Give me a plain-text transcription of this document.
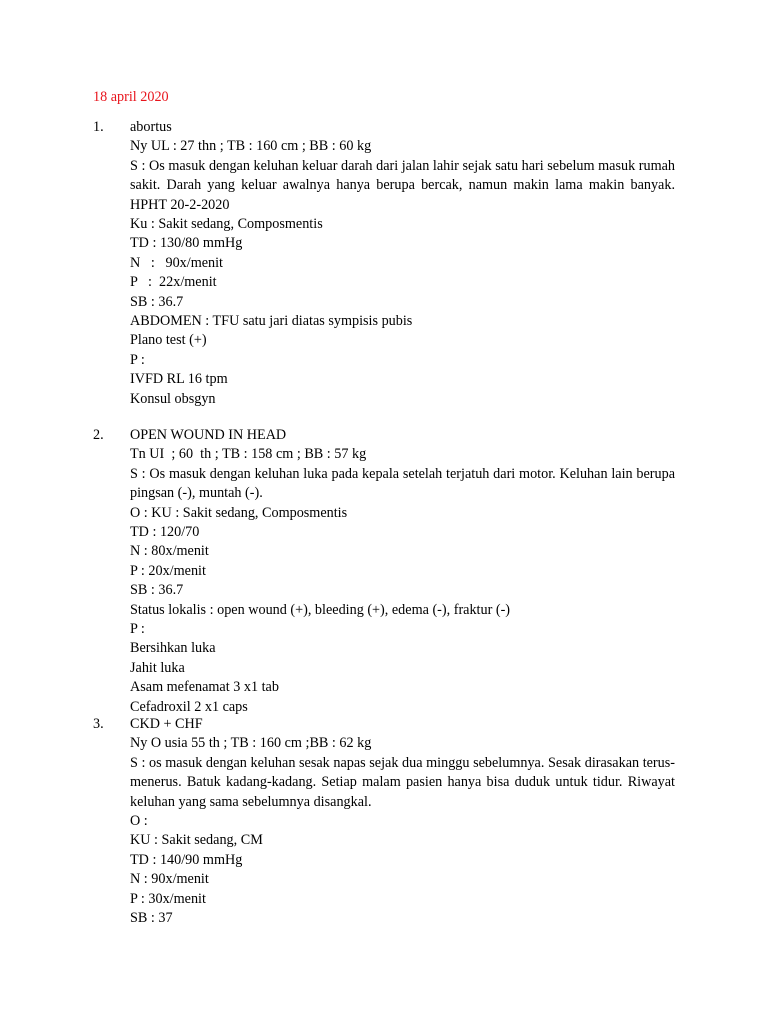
18 april 2020
1. abortus
Ny UL : 27 thn ; TB : 160 cm ; BB : 60 kg
S : Os masuk dengan keluhan keluar darah dari jalan lahir sejak satu hari sebelum masuk rumah sakit. Darah yang keluar awalnya hanya berupa bercak, namun makin lama makin banyak. HPHT 20-2-2020
Ku : Sakit sedang, Composmentis
TD : 130/80 mmHg
N   :   90x/menit
P   :  22x/menit
SB : 36.7
ABDOMEN : TFU satu jari diatas sympisis pubis
Plano test (+)
P :
IVFD RL 16 tpm
Konsul obsgyn
2. OPEN WOUND IN HEAD
Tn UI  ; 60  th ; TB : 158 cm ; BB : 57 kg
S : Os masuk dengan keluhan luka pada kepala setelah terjatuh dari motor. Keluhan lain berupa pingsan (-), muntah (-).
O : KU : Sakit sedang, Composmentis
TD : 120/70
N : 80x/menit
P : 20x/menit
SB : 36.7
Status lokalis : open wound (+), bleeding (+), edema (-), fraktur (-)
P :
Bersihkan luka
Jahit luka
Asam mefenamat 3 x1 tab
Cefadroxil 2 x1 caps
3. CKD + CHF
Ny O usia 55 th ; TB : 160 cm ;BB : 62 kg
S : os masuk dengan keluhan sesak napas sejak dua minggu sebelumnya. Sesak dirasakan terus-menerus. Batuk kadang-kadang. Setiap malam pasien hanya bisa duduk untuk tidur. Riwayat keluhan yang sama sebelumnya disangkal.
O :
KU : Sakit sedang, CM
TD : 140/90 mmHg
N : 90x/menit
P : 30x/menit
SB : 37
